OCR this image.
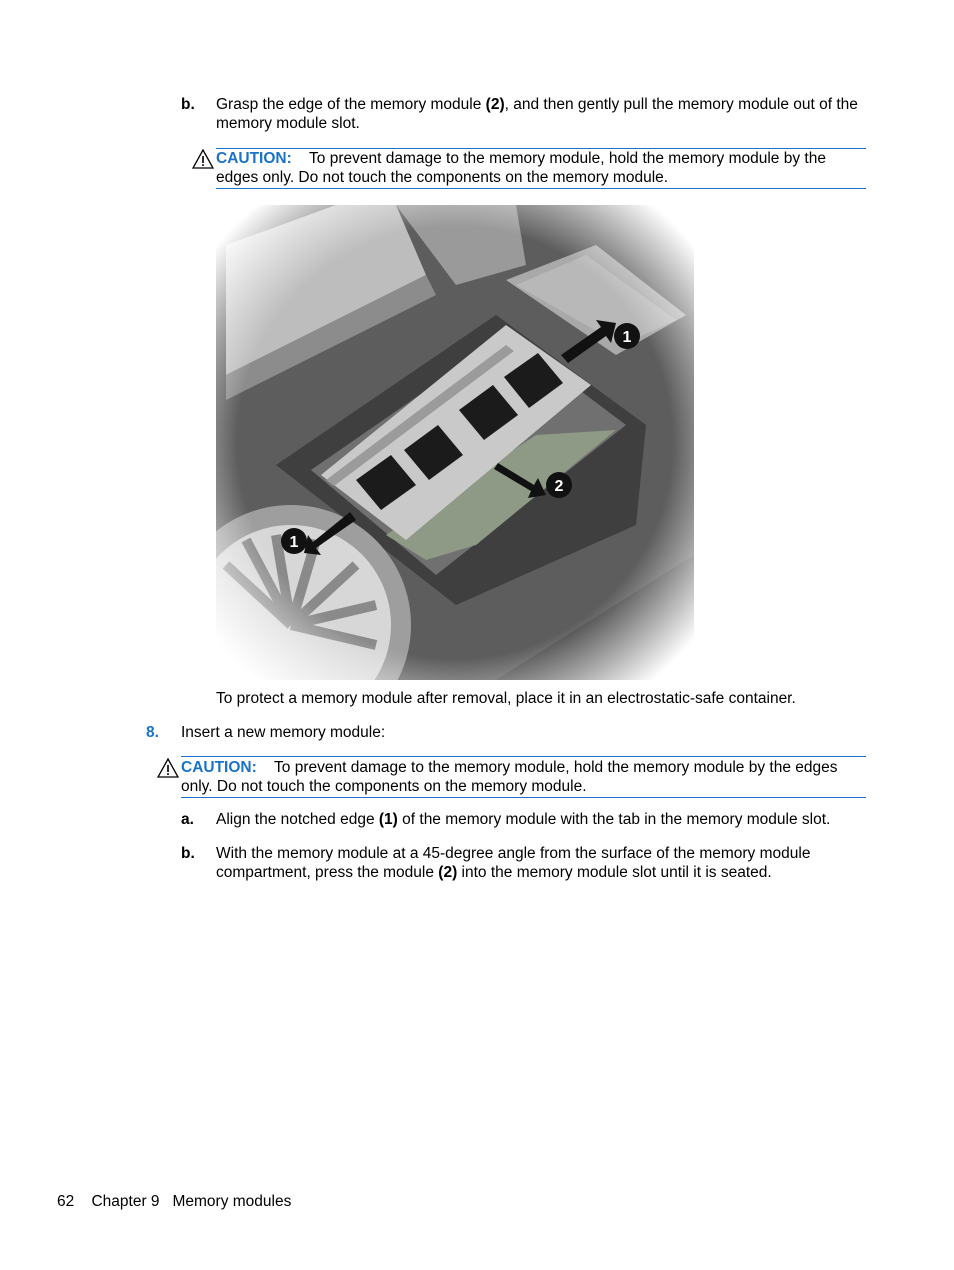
b. Grasp the edge of the memory module (2), and then gently pull the memory module out of the memory module slot.
CAUTION: To prevent damage to the memory module, hold the memory module by the edges only. Do not touch the components on the memory module.
To protect a memory module after removal, place it in an electrostatic-safe container.
8. Insert a new memory module:
CAUTION: To prevent damage to the memory module, hold the memory module by the edges only. Do not touch the components on the memory module.
a. Align the notched edge (1) of the memory module with the tab in the memory module slot.
b. With the memory module at a 45-degree angle from the surface of the memory module compartment, press the module (2) into the memory module slot until it is seated.
62 Chapter 9 Memory modules
